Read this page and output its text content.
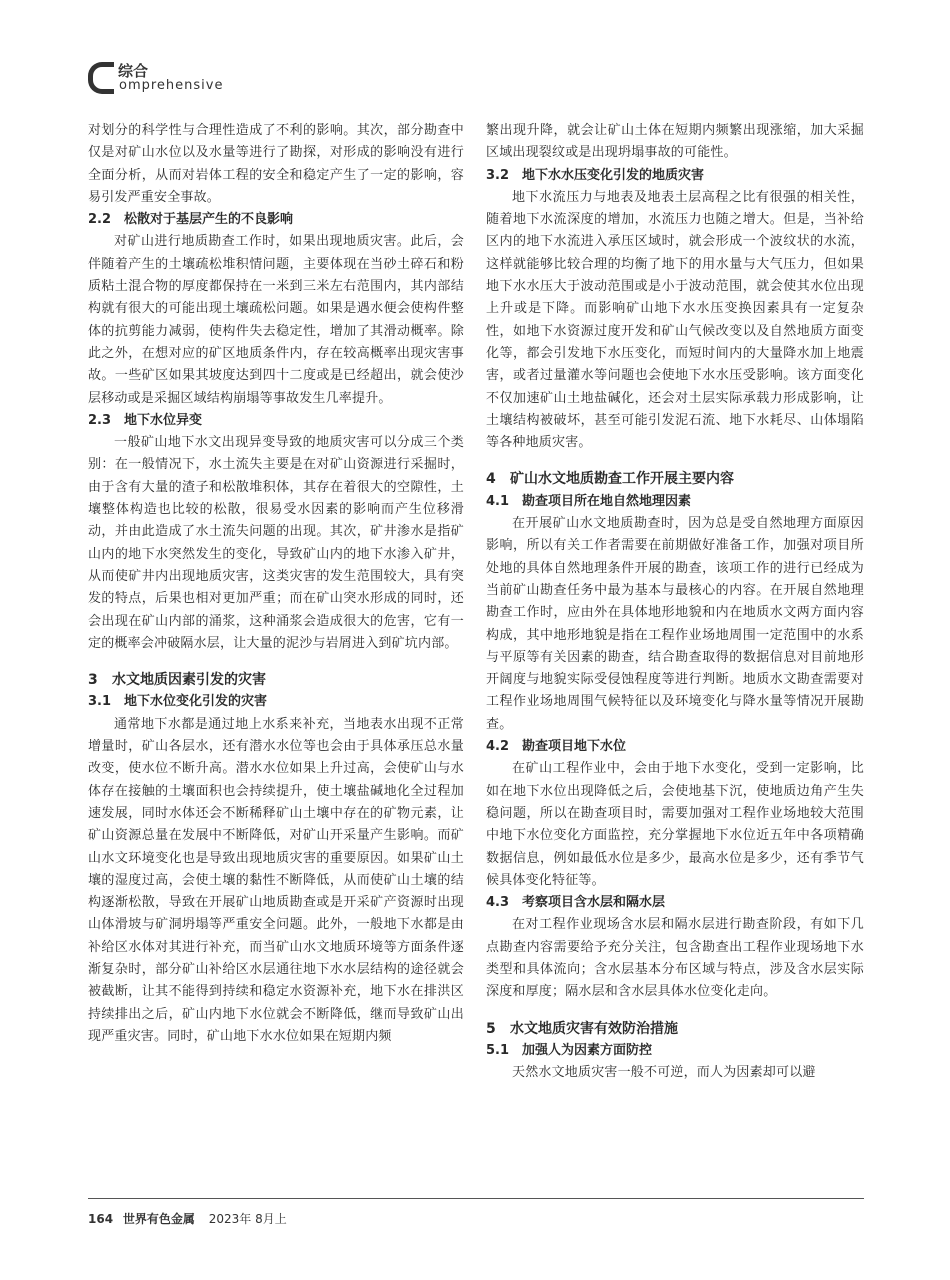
综合
omprehensive

对划分的科学性与合理性造成了不利的影响。其次，部分勘查中仅是对矿山水位以及水量等进行了勘探，对形成的影响没有进行全面分析，从而对岩体工程的安全和稳定产生了一定的影响，容易引发严重安全事故。

2.2 松散对于基层产生的不良影响

对矿山进行地质勘查工作时，如果出现地质灾害。此后，会伴随着产生的土壤疏松堆积情问题，主要体现在当砂土碎石和粉质粘土混合物的厚度都保持在一米到三米左右范围内，其内部结构就有很大的可能出现土壤疏松问题。如果是遇水便会使构件整体的抗剪能力减弱，使构件失去稳定性，增加了其滑动概率。除此之外，在想对应的矿区地质条件内，存在较高概率出现灾害事故。一些矿区如果其坡度达到四十二度或是已经超出，就会使沙层移动或是采掘区域结构崩塌等事故发生几率提升。

2.3 地下水位异变

一般矿山地下水文出现异变导致的地质灾害可以分成三个类别：在一般情况下，水土流失主要是在对矿山资源进行采掘时，由于含有大量的渣子和松散堆积体，其存在着很大的空隙性，土壤整体构造也比较的松散，很易受水因素的影响而产生位移滑动，并由此造成了水土流失问题的出现。其次，矿井渗水是指矿山内的地下水突然发生的变化，导致矿山内的地下水渗入矿井，从而使矿井内出现地质灾害，这类灾害的发生范围较大，具有突发的特点，后果也相对更加严重；而在矿山突水形成的同时，还会出现在矿山内部的涌浆，这种涌浆会造成很大的危害，它有一定的概率会冲破隔水层，让大量的泥沙与岩屑进入到矿坑内部。

3 水文地质因素引发的灾害

3.1 地下水位变化引发的灾害

通常地下水都是通过地上水系来补充，当地表水出现不正常增量时，矿山各层水，还有潜水水位等也会由于具体承压总水量改变，使水位不断升高。潜水水位如果上升过高，会使矿山与水体存在接触的土壤面积也会持续提升，使土壤盐碱地化全过程加速发展，同时水体还会不断稀释矿山土壤中存在的矿物元素，让矿山资源总量在发展中不断降低，对矿山开采量产生影响。而矿山水文环境变化也是导致出现地质灾害的重要原因。如果矿山土壤的湿度过高，会使土壤的黏性不断降低，从而使矿山土壤的结构逐渐松散，导致在开展矿山地质勘查或是开采矿产资源时出现山体滑坡与矿洞坍塌等严重安全问题。此外，一般地下水都是由补给区水体对其进行补充，而当矿山水文地质环境等方面条件逐渐复杂时，部分矿山补给区水层通往地下水水层结构的途径就会被截断，让其不能得到持续和稳定水资源补充，地下水在排洪区持续排出之后，矿山内地下水位就会不断降低，继而导致矿山出现严重灾害。同时，矿山地下水水位如果在短期内频

繁出现升降，就会让矿山土体在短期内频繁出现涨缩，加大采掘区域出现裂纹或是出现坍塌事故的可能性。

3.2 地下水水压变化引发的地质灾害

地下水流压力与地表及地表土层高程之比有很强的相关性，随着地下水流深度的增加，水流压力也随之增大。但是，当补给区内的地下水流进入承压区域时，就会形成一个波纹状的水流，这样就能够比较合理的均衡了地下的用水量与大气压力，但如果地下水水压大于波动范围或是小于波动范围，就会使其水位出现上升或是下降。而影响矿山地下水水压变换因素具有一定复杂性，如地下水资源过度开发和矿山气候改变以及自然地质方面变化等，都会引发地下水压变化，而短时间内的大量降水加上地震害，或者过量灌水等问题也会使地下水水压受影响。该方面变化不仅加速矿山土地盐碱化，还会对土层实际承载力形成影响，让土壤结构被破坏，甚至可能引发泥石流、地下水耗尽、山体塌陷等各种地质灾害。

4 矿山水文地质勘查工作开展主要内容

4.1 勘查项目所在地自然地理因素

在开展矿山水文地质勘查时，因为总是受自然地理方面原因影响，所以有关工作者需要在前期做好准备工作，加强对项目所处地的具体自然地理条件开展的勘查，该项工作的进行已经成为当前矿山勘查任务中最为基本与最核心的内容。在开展自然地理勘查工作时，应由外在具体地形地貌和内在地质水文两方面内容构成，其中地形地貌是指在工程作业场地周围一定范围中的水系与平原等有关因素的勘查，结合勘查取得的数据信息对目前地形开阔度与地貌实际受侵蚀程度等进行判断。地质水文勘查需要对工程作业场地周围气候特征以及环境变化与降水量等情况开展勘查。

4.2 勘查项目地下水位

在矿山工程作业中，会由于地下水变化，受到一定影响，比如在地下水位出现降低之后，会使地基下沉，使地质边角产生失稳问题，所以在勘查项目时，需要加强对工程作业场地较大范围中地下水位变化方面监控，充分掌握地下水位近五年中各项精确数据信息，例如最低水位是多少，最高水位是多少，还有季节气候具体变化特征等。

4.3 考察项目含水层和隔水层

在对工程作业现场含水层和隔水层进行勘查阶段，有如下几点勘查内容需要给予充分关注，包含勘查出工程作业现场地下水类型和具体流向；含水层基本分布区域与特点，涉及含水层实际深度和厚度；隔水层和含水层具体水位变化走向。

5 水文地质灾害有效防治措施

5.1 加强人为因素方面防控

天然水文地质灾害一般不可逆，而人为因素却可以避

164 世界有色金属 2023年 8月上
